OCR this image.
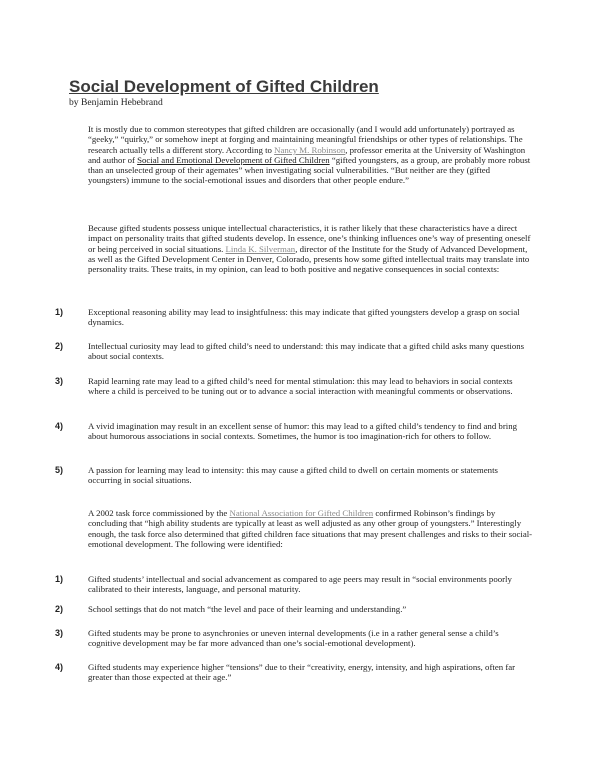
Social Development of Gifted Children
by Benjamin Hebebrand
It is mostly due to common stereotypes that gifted children are occasionally (and I would add unfortunately) portrayed as “geeky,” “quirky,” or somehow inept at forging and maintaining meaningful friendships or other types of relationships. The research actually tells a different story. According to Nancy M. Robinson, professor emerita at the University of Washington and author of Social and Emotional Development of Gifted Children “gifted youngsters, as a group, are probably more robust than an unselected group of their agemates” when investigating social vulnerabilities. “But neither are they (gifted youngsters) immune to the social-emotional issues and disorders that other people endure.”
Because gifted students possess unique intellectual characteristics, it is rather likely that these characteristics have a direct impact on personality traits that gifted students develop. In essence, one’s thinking influences one’s way of presenting oneself or being perceived in social situations. Linda K. Silverman, director of the Institute for the Study of Advanced Development, as well as the Gifted Development Center in Denver, Colorado, presents how some gifted intellectual traits may translate into personality traits. These traits, in my opinion, can lead to both positive and negative consequences in social contexts:
1)	Exceptional reasoning ability may lead to insightfulness: this may indicate that gifted youngsters develop a grasp on social dynamics.
2)	Intellectual curiosity may lead to gifted child’s need to understand: this may indicate that a gifted child asks many questions about social contexts.
3)	Rapid learning rate may lead to a gifted child’s need for mental stimulation: this may lead to behaviors in social contexts where a child is perceived to be tuning out or to advance a social interaction with meaningful comments or observations.
4)	A vivid imagination may result in an excellent sense of humor: this may lead to a gifted child’s tendency to find and bring about humorous associations in social contexts. Sometimes, the humor is too imagination-rich for others to follow.
5)	A passion for learning may lead to intensity: this may cause a gifted child to dwell on certain moments or statements occurring in social situations.
A 2002 task force commissioned by the National Association for Gifted Children confirmed Robinson’s findings by concluding that “high ability students are typically at least as well adjusted as any other group of youngsters.” Interestingly enough, the task force also determined that gifted children face situations that may present challenges and risks to their social-emotional development. The following were identified:
1)	Gifted students’ intellectual and social advancement as compared to age peers may result in “social environments poorly calibrated to their interests, language, and personal maturity.
2)	School settings that do not match “the level and pace of their learning and understanding.”
3)	Gifted students may be prone to asynchronies or uneven internal developments (i.e in a rather general sense a child’s cognitive development may be far more advanced than one’s social-emotional development).
4)	Gifted students may experience higher “tensions” due to their “creativity, energy, intensity, and high aspirations, often far greater than those expected at their age.”
